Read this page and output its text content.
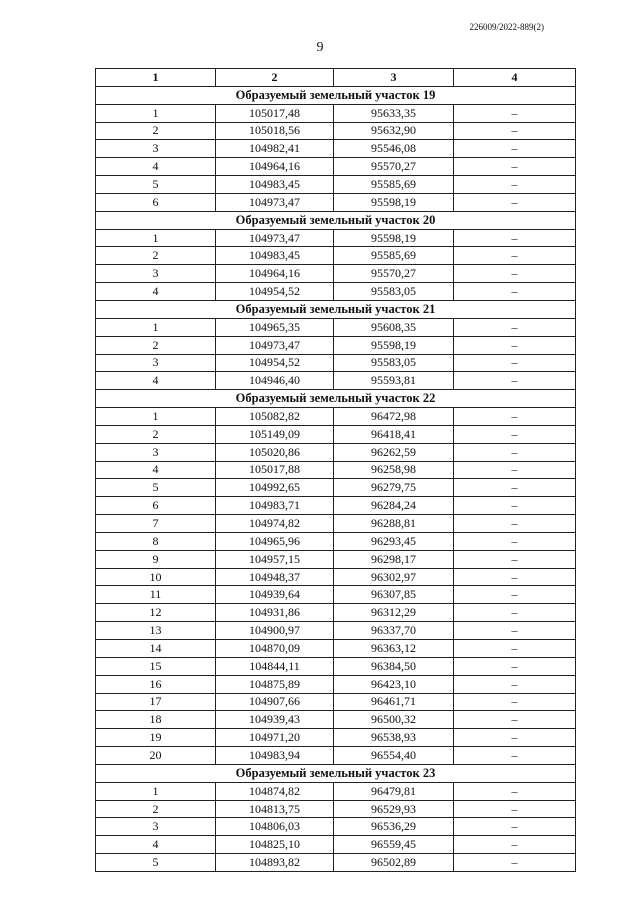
226009/2022-889(2)
9
1	2	3	4
Образуемый земельный участок 19			
1	105017,48	95633,35	–
2	105018,56	95632,90	–
3	104982,41	95546,08	–
4	104964,16	95570,27	–
5	104983,45	95585,69	–
6	104973,47	95598,19	–
Образуемый земельный участок 20			
1	104973,47	95598,19	–
2	104983,45	95585,69	–
3	104964,16	95570,27	–
4	104954,52	95583,05	–
Образуемый земельный участок 21			
1	104965,35	95608,35	–
2	104973,47	95598,19	–
3	104954,52	95583,05	–
4	104946,40	95593,81	–
Образуемый земельный участок 22			
1	105082,82	96472,98	–
2	105149,09	96418,41	–
3	105020,86	96262,59	–
4	105017,88	96258,98	–
5	104992,65	96279,75	–
6	104983,71	96284,24	–
7	104974,82	96288,81	–
8	104965,96	96293,45	–
9	104957,15	96298,17	–
10	104948,37	96302,97	–
11	104939,64	96307,85	–
12	104931,86	96312,29	–
13	104900,97	96337,70	–
14	104870,09	96363,12	–
15	104844,11	96384,50	–
16	104875,89	96423,10	–
17	104907,66	96461,71	–
18	104939,43	96500,32	–
19	104971,20	96538,93	–
20	104983,94	96554,40	–
Образуемый земельный участок 23			
1	104874,82	96479,81	–
2	104813,75	96529,93	–
3	104806,03	96536,29	–
4	104825,10	96559,45	–
5	104893,82	96502,89	–
